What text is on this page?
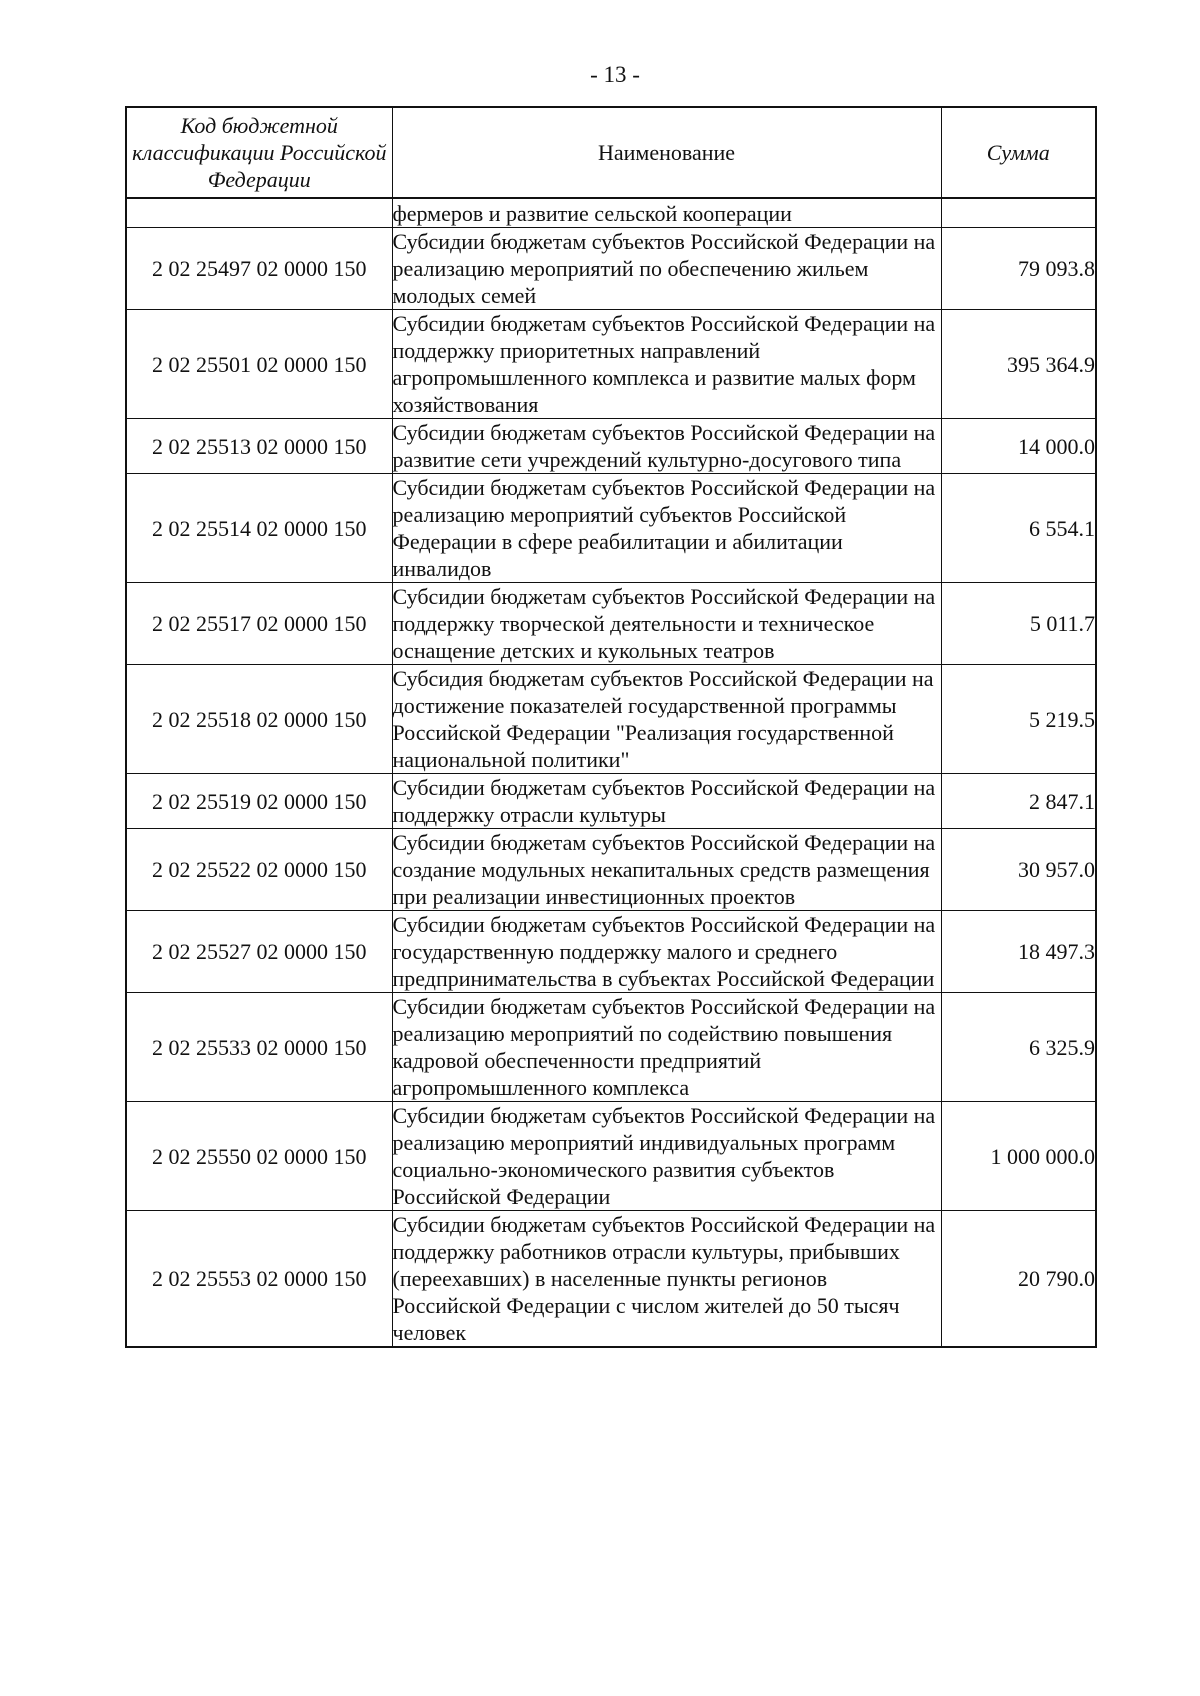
- 13 -
Код бюджетной классификации Российской Федерации	Наименование	Сумма
	фермеров и развитие сельской кооперации	
2 02 25497 02 0000 150	Субсидии бюджетам субъектов Российской Федерации на реализацию мероприятий по обеспечению жильем молодых семей	79 093.8
2 02 25501 02 0000 150	Субсидии бюджетам субъектов Российской Федерации на поддержку приоритетных направлений агропромышленного комплекса и развитие малых форм хозяйствования	395 364.9
2 02 25513 02 0000 150	Субсидии бюджетам субъектов Российской Федерации на развитие сети учреждений культурно-досугового типа	14 000.0
2 02 25514 02 0000 150	Субсидии бюджетам субъектов Российской Федерации на реализацию мероприятий субъектов Российской Федерации в сфере реабилитации и абилитации инвалидов	6 554.1
2 02 25517 02 0000 150	Субсидии бюджетам субъектов Российской Федерации на поддержку творческой деятельности и техническое оснащение детских и кукольных театров	5 011.7
2 02 25518 02 0000 150	Субсидия бюджетам субъектов Российской Федерации на достижение показателей государственной программы Российской Федерации "Реализация государственной национальной политики"	5 219.5
2 02 25519 02 0000 150	Субсидии бюджетам субъектов Российской Федерации на поддержку отрасли культуры	2 847.1
2 02 25522 02 0000 150	Субсидии бюджетам субъектов Российской Федерации на создание модульных некапитальных средств размещения при реализации инвестиционных проектов	30 957.0
2 02 25527 02 0000 150	Субсидии бюджетам субъектов Российской Федерации на государственную поддержку малого и среднего предпринимательства в субъектах Российской Федерации	18 497.3
2 02 25533 02 0000 150	Субсидии бюджетам субъектов Российской Федерации на реализацию мероприятий по содействию повышения кадровой обеспеченности предприятий агропромышленного комплекса	6 325.9
2 02 25550 02 0000 150	Субсидии бюджетам субъектов Российской Федерации на реализацию мероприятий индивидуальных программ социально-экономического развития субъектов Российской Федерации	1 000 000.0
2 02 25553 02 0000 150	Субсидии бюджетам субъектов Российской Федерации на поддержку работников отрасли культуры, прибывших (переехавших) в населенные пункты регионов Российской Федерации с числом жителей до 50 тысяч человек	20 790.0
